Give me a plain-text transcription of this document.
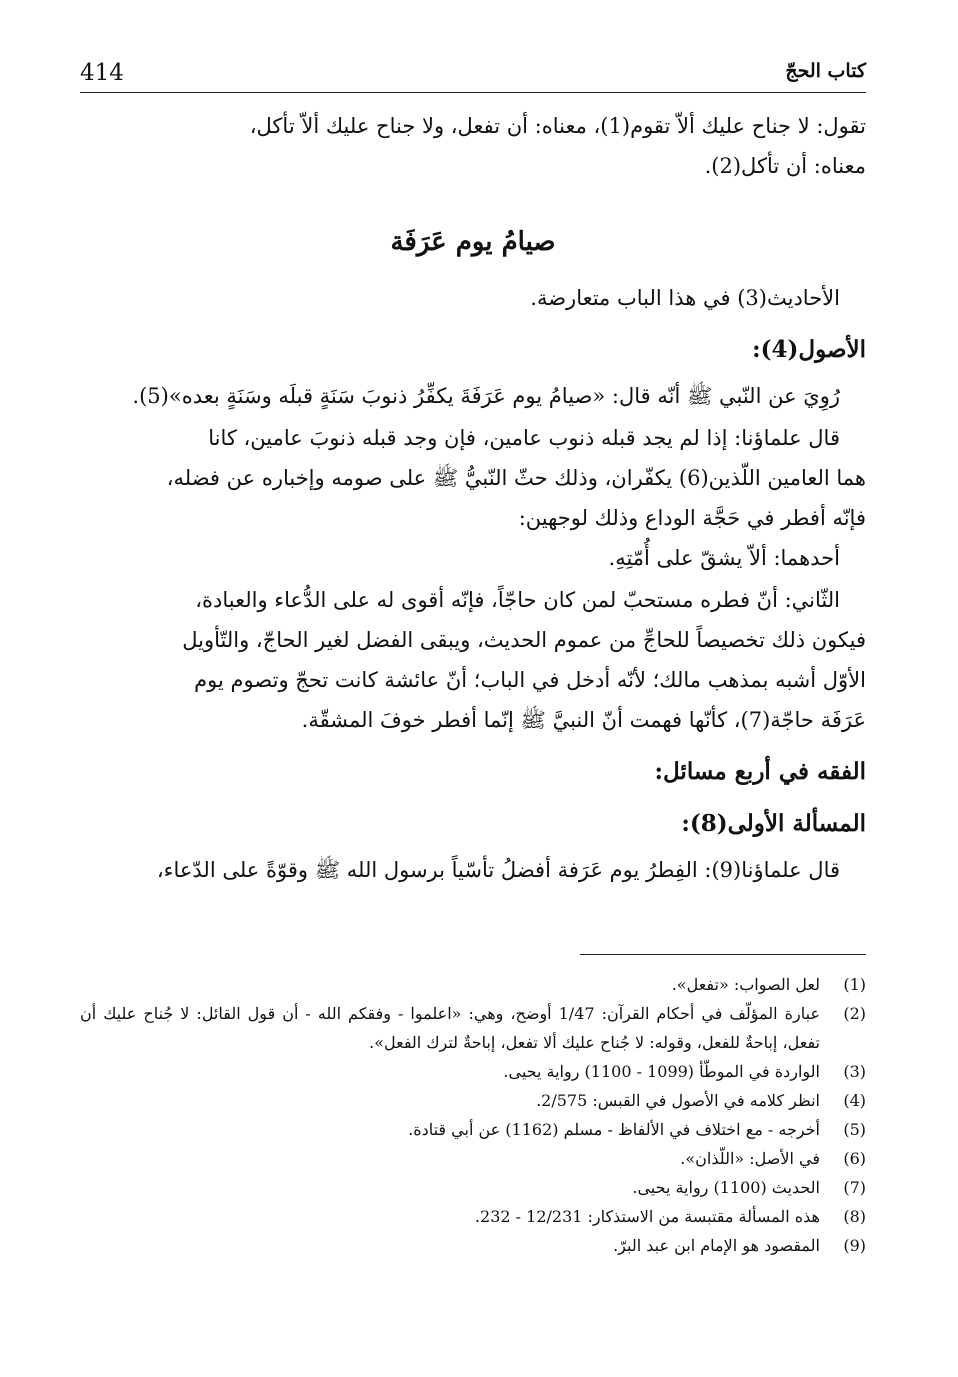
كتاب الحجّ
414

تقول: لا جناح عليك ألاّ تقوم(1)، معناه: أن تفعل، ولا جناح عليك ألاّ تأكل،

معناه: أن تأكل(2).

صيامُ يوم عَرَفَة

الأحاديث(3) في هذا الباب متعارضة.

الأصول(4):

رُوِيَ عن النّبي ﷺ أنّه قال: «صيامُ يوم عَرَفَةَ يكفِّرُ ذنوبَ سَنَةٍ قبلَه وسَنَةٍ بعده»(5).

قال علماؤنا: إذا لم يجد قبله ذنوب عامين، فإن وجد قبله ذنوبَ عامين، كانا

هما العامين اللّذين(6) يكفّران، وذلك حثّ النّبيُّ ﷺ على صومه وإخباره عن فضله،

فإنّه أفطر في حَجَّة الوداع وذلك لوجهين:

أحدهما: ألاّ يشقّ على أُمّتِهِ.

الثّاني: أنّ فطره مستحبّ لمن كان حاجّاً، فإنّه أقوى له على الدُّعاء والعبادة،

فيكون ذلك تخصيصاً للحاجِّ من عموم الحديث، ويبقى الفضل لغير الحاجّ، والتّأويل

الأوّل أشبه بمذهب مالك؛ لأنّه أدخل في الباب؛ أنّ عائشة كانت تحجّ وتصوم يوم

عَرَفَة حاجّة(7)، كأنّها فهمت أنّ النبيَّ ﷺ إنّما أفطر خوفَ المشقّة.

الفقه في أربع مسائل:
المسألة الأولى(8):

قال علماؤنا(9): الفِطرُ يوم عَرَفة أفضلُ تأسّياً برسول الله ﷺ وقوّةً على الدّعاء،

(1)
لعل الصواب: «تفعل».
(2)
عبارة المؤلّف في أحكام القرآن: 1/47 أوضح، وهي: «اعلموا - وفقكم الله - أن قول القائل: لا جُناح عليك أن تفعل، إباحةٌ للفعل، وقوله: لا جُناح عليك ألا تفعل، إباحةٌ لترك الفعل».
(3)
الواردة في الموطّأ (1099 - 1100) رواية يحيى.
(4)
انظر كلامه في الأصول في القبس: 2/575.
(5)
أخرجه - مع اختلاف في الألفاظ - مسلم (1162) عن أبي قتادة.
(6)
في الأصل: «اللّذان».
(7)
الحديث (1100) رواية يحيى.
(8)
هذه المسألة مقتبسة من الاستذكار: 12/231 - 232.
(9)
المقصود هو الإمام ابن عبد البرّ.
